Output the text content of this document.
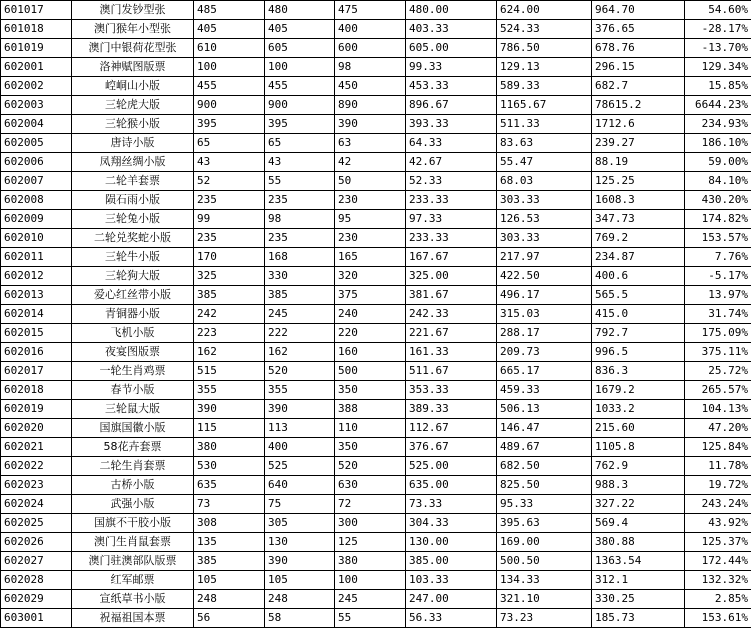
601017	澳门发钞型张	485	480	475	480.00	624.00	964.70	54.60%
601018	澳门猴年小型张	405	405	400	403.33	524.33	376.65	-28.17%
601019	澳门中银荷花型张	610	605	600	605.00	786.50	678.76	-13.70%
602001	洛神赋图版票	100	100	98	99.33	129.13	296.15	129.34%
602002	崆峒山小版	455	455	450	453.33	589.33	682.7	15.85%
602003	三轮虎大版	900	900	890	896.67	1165.67	78615.2	6644.23%
602004	三轮猴小版	395	395	390	393.33	511.33	1712.6	234.93%
602005	唐诗小版	65	65	63	64.33	83.63	239.27	186.10%
602006	凤翔丝绸小版	43	43	42	42.67	55.47	88.19	59.00%
602007	二轮羊套票	52	55	50	52.33	68.03	125.25	84.10%
602008	陨石雨小版	235	235	230	233.33	303.33	1608.3	430.20%
602009	三轮兔小版	99	98	95	97.33	126.53	347.73	174.82%
602010	二轮兑奖蛇小版	235	235	230	233.33	303.33	769.2	153.57%
602011	三轮牛小版	170	168	165	167.67	217.97	234.87	7.76%
602012	三轮狗大版	325	330	320	325.00	422.50	400.6	-5.17%
602013	爱心红丝带小版	385	385	375	381.67	496.17	565.5	13.97%
602014	青铜器小版	242	245	240	242.33	315.03	415.0	31.74%
602015	飞机小版	223	222	220	221.67	288.17	792.7	175.09%
602016	夜宴图版票	162	162	160	161.33	209.73	996.5	375.11%
602017	一轮生肖鸡票	515	520	500	511.67	665.17	836.3	25.72%
602018	春节小版	355	355	350	353.33	459.33	1679.2	265.57%
602019	三轮鼠大版	390	390	388	389.33	506.13	1033.2	104.13%
602020	国旗国徽小版	115	113	110	112.67	146.47	215.60	47.20%
602021	58花卉套票	380	400	350	376.67	489.67	1105.8	125.84%
602022	二轮生肖套票	530	525	520	525.00	682.50	762.9	11.78%
602023	古桥小版	635	640	630	635.00	825.50	988.3	19.72%
602024	武强小版	73	75	72	73.33	95.33	327.22	243.24%
602025	国旗不干胶小版	308	305	300	304.33	395.63	569.4	43.92%
602026	澳门生肖鼠套票	135	130	125	130.00	169.00	380.88	125.37%
602027	澳门驻澳部队版票	385	390	380	385.00	500.50	1363.54	172.44%
602028	红军邮票	105	105	100	103.33	134.33	312.1	132.32%
602029	宣纸草书小版	248	248	245	247.00	321.10	330.25	2.85%
603001	祝福祖国本票	56	58	55	56.33	73.23	185.73	153.61%
